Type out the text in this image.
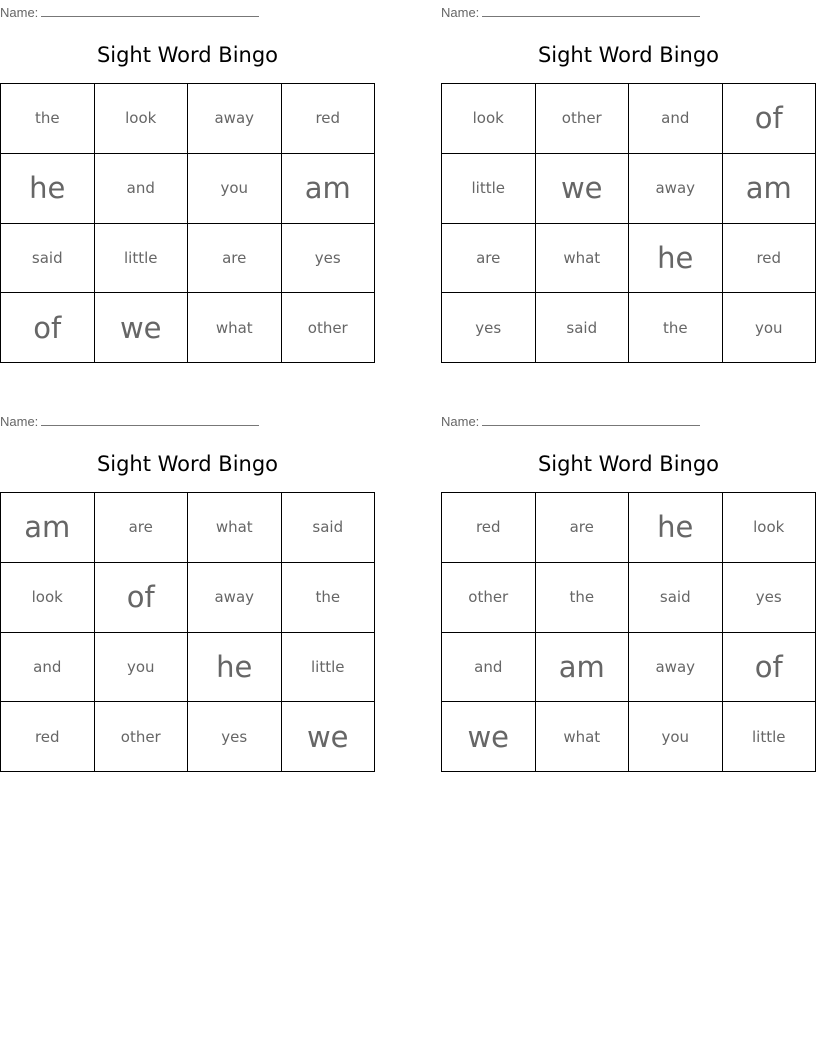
Name:
Sight Word Bingo
the	look	away	red
he	and	you	am
said	little	are	yes
of	we	what	other
Name:
Sight Word Bingo
look	other	and	of
little	we	away	am
are	what	he	red
yes	said	the	you
Name:
Sight Word Bingo
am	are	what	said
look	of	away	the
and	you	he	little
red	other	yes	we
Name:
Sight Word Bingo
red	are	he	look
other	the	said	yes
and	am	away	of
we	what	you	little
